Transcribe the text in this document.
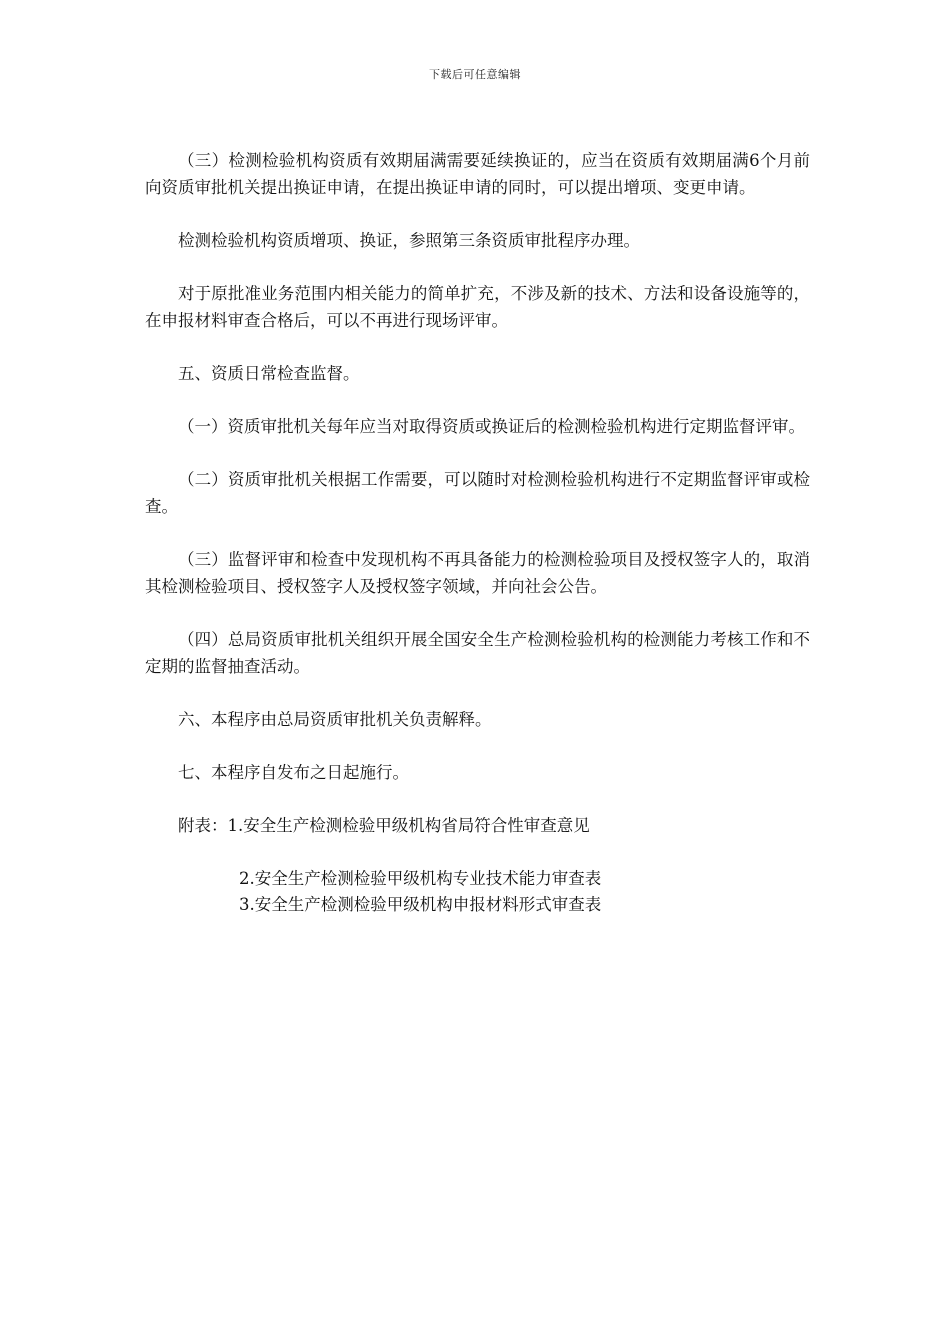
下载后可任意编辑

（三）检测检验机构资质有效期届满需要延续换证的，应当在资质有效期届满6个月前向资质审批机关提出换证申请，在提出换证申请的同时，可以提出增项、变更申请。

检测检验机构资质增项、换证，参照第三条资质审批程序办理。

对于原批准业务范围内相关能力的简单扩充，不涉及新的技术、方法和设备设施等的，在申报材料审查合格后，可以不再进行现场评审。

五、资质日常检查监督。

（一）资质审批机关每年应当对取得资质或换证后的检测检验机构进行定期监督评审。

（二）资质审批机关根据工作需要，可以随时对检测检验机构进行不定期监督评审或检查。

（三）监督评审和检查中发现机构不再具备能力的检测检验项目及授权签字人的，取消其检测检验项目、授权签字人及授权签字领域，并向社会公告。

（四）总局资质审批机关组织开展全国安全生产检测检验机构的检测能力考核工作和不定期的监督抽查活动。

六、本程序由总局资质审批机关负责解释。

七、本程序自发布之日起施行。

附表：1.安全生产检测检验甲级机构省局符合性审查意见

2.安全生产检测检验甲级机构专业技术能力审查表
3.安全生产检测检验甲级机构申报材料形式审查表
